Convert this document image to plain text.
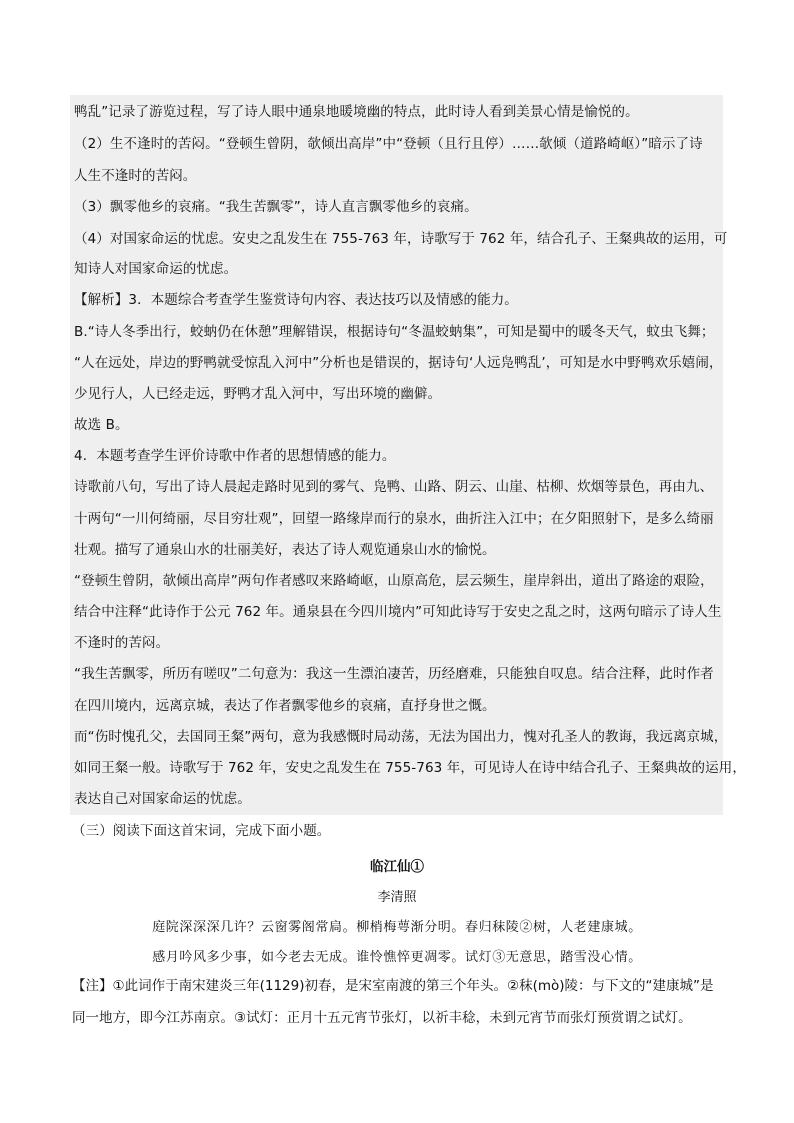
鸭乱”记录了游览过程，写了诗人眼中通泉地暖境幽的特点，此时诗人看到美景心情是愉悦的。
（2）生不逢时的苦闷。“登顿生曾阴，欹倾出高岸”中“登顿（且行且停）……欹倾（道路崎岖）”暗示了诗
人生不逢时的苦闷。
（3）飘零他乡的哀痛。“我生苦飘零”，诗人直言飘零他乡的哀痛。
（4）对国家命运的忧虑。安史之乱发生在 755-763 年，诗歌写于 762 年，结合孔子、王粲典故的运用，可
知诗人对国家命运的忧虑。
【解析】3．本题综合考查学生鉴赏诗句内容、表达技巧以及情感的能力。
B.“诗人冬季出行，蛟蚋仍在休憩”理解错误，根据诗句“冬温蛟蚋集”，可知是蜀中的暖冬天气，蚊虫飞舞；
“人在远处，岸边的野鸭就受惊乱入河中”分析也是错误的，据诗句‘人远凫鸭乱’，可知是水中野鸭欢乐嬉闹，
少见行人，人已经走远，野鸭才乱入河中，写出环境的幽僻。
故选 B。
4．本题考查学生评价诗歌中作者的思想情感的能力。
诗歌前八句，写出了诗人晨起走路时见到的雾气、凫鸭、山路、阴云、山崖、枯柳、炊烟等景色，再由九、
十两句“一川何绮丽，尽目穷壮观”，回望一路缘岸而行的泉水，曲折注入江中；在夕阳照射下，是多么绮丽
壮观。描写了通泉山水的壮丽美好，表达了诗人观览通泉山水的愉悦。
“登顿生曾阴，欹倾出高岸”两句作者感叹来路崎岖，山原高危，层云频生，崖岸斜出，道出了路途的艰险，
结合中注释“此诗作于公元 762 年。通泉县在今四川境内”可知此诗写于安史之乱之时，这两句暗示了诗人生
不逢时的苦闷。
“我生苦飘零，所历有嗟叹”二句意为：我这一生漂泊凄苦，历经磨难，只能独自叹息。结合注释，此时作者
在四川境内，远离京城，表达了作者飘零他乡的哀痛，直抒身世之慨。
而“伤时愧孔父，去国同王粲”两句，意为我感慨时局动荡，无法为国出力，愧对孔圣人的教诲，我远离京城，
如同王粲一般。诗歌写于 762 年，安史之乱发生在 755-763 年，可见诗人在诗中结合孔子、王粲典故的运用，
表达自己对国家命运的忧虑。
（三）阅读下面这首宋词，完成下面小题。
临江仙①
李清照
庭院深深深几许？云窗雾阁常扃。柳梢梅萼渐分明。春归秣陵②树，人老建康城。
感月吟风多少事，如今老去无成。谁怜憔悴更凋零。试灯③无意思，踏雪没心情。
【注】①此词作于南宋建炎三年(1129)初春，是宋室南渡的第三个年头。②秣(mò)陵：与下文的“建康城”是
同一地方，即今江苏南京。③试灯：正月十五元宵节张灯，以祈丰稔，未到元宵节而张灯预赏谓之试灯。
